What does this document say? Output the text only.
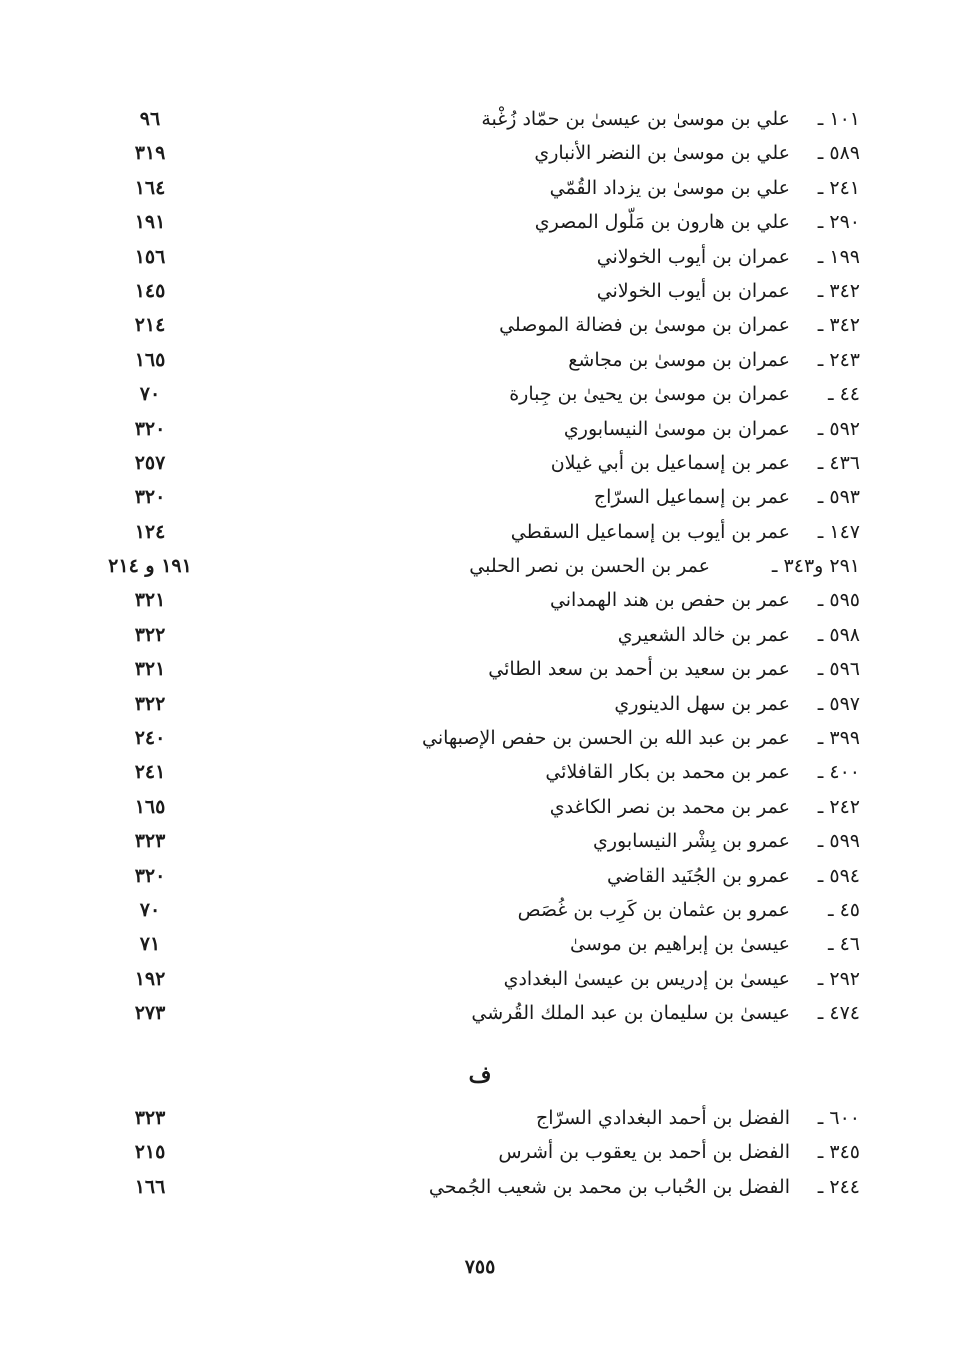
١٠١ ـ
علي بن موسىٰ بن عيسىٰ بن حمّاد زُغْبة
٩٦
٥٨٩ ـ
علي بن موسىٰ بن النضر الأنباري
٣١٩
٢٤١ ـ
علي بن موسىٰ بن يزداد القُمّي
١٦٤
٢٩٠ ـ
علي بن هارون بن مَلّول المصري
١٩١
١٩٩ ـ
عمران بن أيوب الخولاني
١٥٦
٣٤٢ ـ
عمران بن أيوب الخولاني
١٤٥
٣٤٢ ـ
عمران بن موسىٰ بن فضالة الموصلي
٢١٤
٢٤٣ ـ
عمران بن موسىٰ بن مجاشع
١٦٥
٤٤ ـ
عمران بن موسىٰ بن يحيىٰ بن جِبارة
٧٠
٥٩٢ ـ
عمران بن موسىٰ النيسابوري
٣٢٠
٤٣٦ ـ
عمر بن إسماعيل بن أبي غيلان
٢٥٧
٥٩٣ ـ
عمر بن إسماعيل السرّاج
٣٢٠
١٤٧ ـ
عمر بن أيوب بن إسماعيل السقطي
١٢٤
٢٩١ و٣٤٣ ـ
عمر بن الحسن بن نصر الحلبي
١٩١ و ٢١٤
٥٩٥ ـ
عمر بن حفص بن هند الهمداني
٣٢١
٥٩٨ ـ
عمر بن خالد الشعيري
٣٢٢
٥٩٦ ـ
عمر بن سعيد بن أحمد بن سعد الطائي
٣٢١
٥٩٧ ـ
عمر بن سهل الدينوري
٣٢٢
٣٩٩ ـ
عمر بن عبد الله بن الحسن بن حفص الإصبهاني
٢٤٠
٤٠٠ ـ
عمر بن محمد بن بكار القافلائي
٢٤١
٢٤٢ ـ
عمر بن محمد بن نصر الكاغدي
١٦٥
٥٩٩ ـ
عمرو بن بِشْر النيسابوري
٣٢٣
٥٩٤ ـ
عمرو بن الجُنَيد القاضي
٣٢٠
٤٥ ـ
عمرو بن عثمان بن كَرِب بن غُصَص
٧٠
٤٦ ـ
عيسىٰ بن إبراهيم بن موسىٰ
٧١
٢٩٢ ـ
عيسىٰ بن إدريس بن عيسىٰ البغدادي
١٩٢
٤٧٤ ـ
عيسىٰ بن سليمان بن عبد الملك القُرشي
٢٧٣
ف
٦٠٠ ـ
الفضل بن أحمد البغدادي السرّاج
٣٢٣
٣٤٥ ـ
الفضل بن أحمد بن يعقوب بن أشرس
٢١٥
٢٤٤ ـ
الفضل بن الحُباب بن محمد بن شعيب الجُمحي
١٦٦
٧٥٥
